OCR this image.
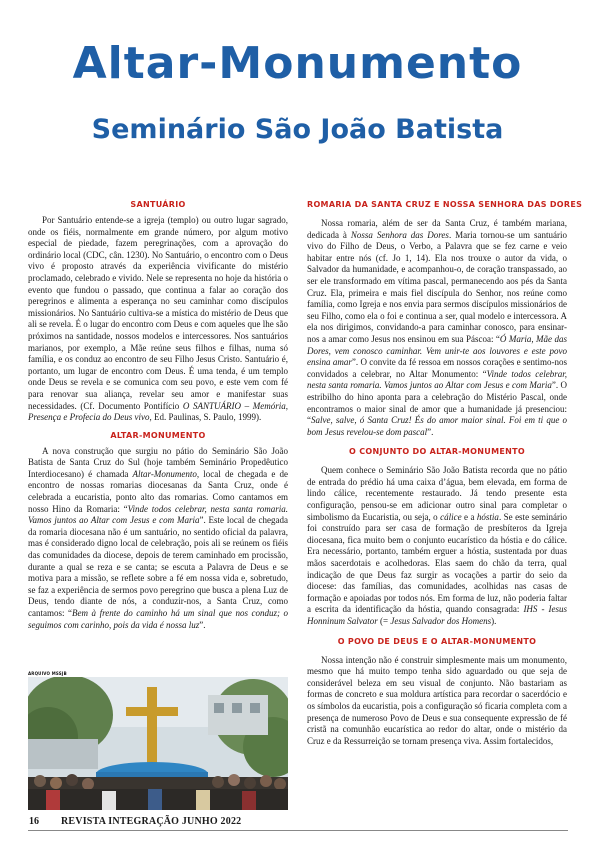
Altar-Monumento
Seminário São João Batista
SANTUÁRIO

Por Santuário entende-se a igreja (templo) ou outro lugar sagrado, onde os fiéis, normalmente em grande número, por algum motivo especial de piedade, fazem peregrinações, com a aprovação do ordinário local (CDC, cân. 1230). No Santuário, o encontro com o Deus vivo é proposto através da experiência vivificante do mistério proclamado, celebrado e vivido. Nele se representa no hoje da história o evento que fundou o passado, que continua a falar ao coração dos peregrinos e alimenta a esperança no seu caminhar como discípulos missionários. No Santuário cultiva-se a mística do mistério de Deus que ali se revela. É o lugar do encontro com Deus e com aqueles que lhe são próximos na santidade, nossos modelos e intercessores. Nos santuários marianos, por exemplo, a Mãe reúne seus filhos e filhas, numa só família, e os conduz ao encontro de seu Filho Jesus Cristo. Santuário é, portanto, um lugar de encontro com Deus. É uma tenda, é um templo onde Deus se revela e se comunica com seu povo, e este vem com fé para renovar sua aliança, revelar seu amor e manifestar suas necessidades. (Cf. Documento Pontifício O SANTUÁRIO – Memória, Presença e Profecia do Deus vivo, Ed. Paulinas, S. Paulo, 1999).

ALTAR-MONUMENTO

A nova construção que surgiu no pátio do Seminário São João Batista de Santa Cruz do Sul (hoje também Seminário Propedêutico Interdiocesano) é chamada Altar-Monumento, local de chegada e de encontro de nossas romarias diocesanas da Santa Cruz, onde é celebrada a eucaristia, ponto alto das romarias. Como cantamos em nosso Hino da Romaria: “Vinde todos celebrar, nesta santa romaria. Vamos juntos ao Altar com Jesus e com Maria”. Este local de chegada da romaria diocesana não é um santuário, no sentido oficial da palavra, mas é considerado digno local de celebração, pois ali se reúnem os fiéis das comunidades da diocese, depois de terem caminhado em procissão, durante a qual se reza e se canta; se escuta a Palavra de Deus e se motiva para a missão, se reflete sobre a fé em nossa vida e, sobretudo, se faz a experiência de sermos povo peregrino que busca a plena Luz de Deus, tendo diante de nós, a conduzir-nos, a Santa Cruz, como cantamos: “Bem à frente do caminho há um sinal que nos conduz; o seguimos com carinho, pois da vida é nossa luz”.

ARQUIVO MSSJB
ROMARIA DA SANTA CRUZ E NOSSA SENHORA DAS DORES

Nossa romaria, além de ser da Santa Cruz, é também mariana, dedicada à Nossa Senhora das Dores. Maria tornou-se um santuário vivo do Filho de Deus, o Verbo, a Palavra que se fez carne e veio habitar entre nós (cf. Jo 1, 14). Ela nos trouxe o autor da vida, o Salvador da humanidade, e acompanhou-o, de coração transpassado, ao ser ele transformado em vítima pascal, permanecendo aos pés da Santa Cruz. Ela, primeira e mais fiel discípula do Senhor, nos reúne como família, como Igreja e nos envia para sermos discípulos missionários de seu Filho, como ela o foi e continua a ser, qual modelo e intercessora. A ela nos dirigimos, convidando-a para caminhar conosco, para ensinar-nos a amar como Jesus nos ensinou em sua Páscoa: “Ó Maria, Mãe das Dores, vem conosco caminhar. Vem unir-te aos louvores e este povo ensina amar”. O convite da fé ressoa em nossos corações e sentimo-nos convidados a celebrar, no Altar Monumento: “Vinde todos celebrar, nesta santa romaria. Vamos juntos ao Altar com Jesus e com Maria”. O estribilho do hino aponta para a celebração do Mistério Pascal, onde encontramos o maior sinal de amor que a humanidade já presenciou: “Salve, salve, ó Santa Cruz! És do amor maior sinal. Foi em ti que o bom Jesus revelou-se dom pascal”.

O CONJUNTO DO ALTAR-MONUMENTO

Quem conhece o Seminário São João Batista recorda que no pátio de entrada do prédio há uma caixa d’água, bem elevada, em forma de lindo cálice, recentemente restaurado. Já tendo presente esta configuração, pensou-se em adicionar outro sinal para completar o simbolismo da Eucaristia, ou seja, o cálice e a hóstia. Se este seminário foi construído para ser casa de formação de presbíteros da Igreja diocesana, fica muito bem o conjunto eucarístico da hóstia e do cálice. Era necessário, portanto, também erguer a hóstia, sustentada por duas mãos sacerdotais e acolhedoras. Elas saem do chão da terra, qual indicação de que Deus faz surgir as vocações a partir do seio da diocese: das famílias, das comunidades, acolhidas nas casas de formação e apoiadas por todos nós. Em forma de luz, não poderia faltar a escrita da identificação da hóstia, quando consagrada: IHS - Iesus Honninum Salvator (= Jesus Salvador dos Homens).

O POVO DE DEUS E O ALTAR-MONUMENTO

Nossa intenção não é construir simplesmente mais um monumento, mesmo que há muito tempo tenha sido aguardado ou que seja de considerável beleza em seu visual de conjunto. Não bastariam as formas de concreto e sua moldura artística para recordar o sacerdócio e os símbolos da eucaristia, pois a configuração só ficaria completa com a presença de numeroso Povo de Deus e sua consequente expressão de fé cristã na comunhão eucarística ao redor do altar, onde o mistério da Cruz e da Ressurreição se tornam presença viva. Assim fortalecidos,

16 REVISTA INTEGRAÇÃO JUNHO 2022
